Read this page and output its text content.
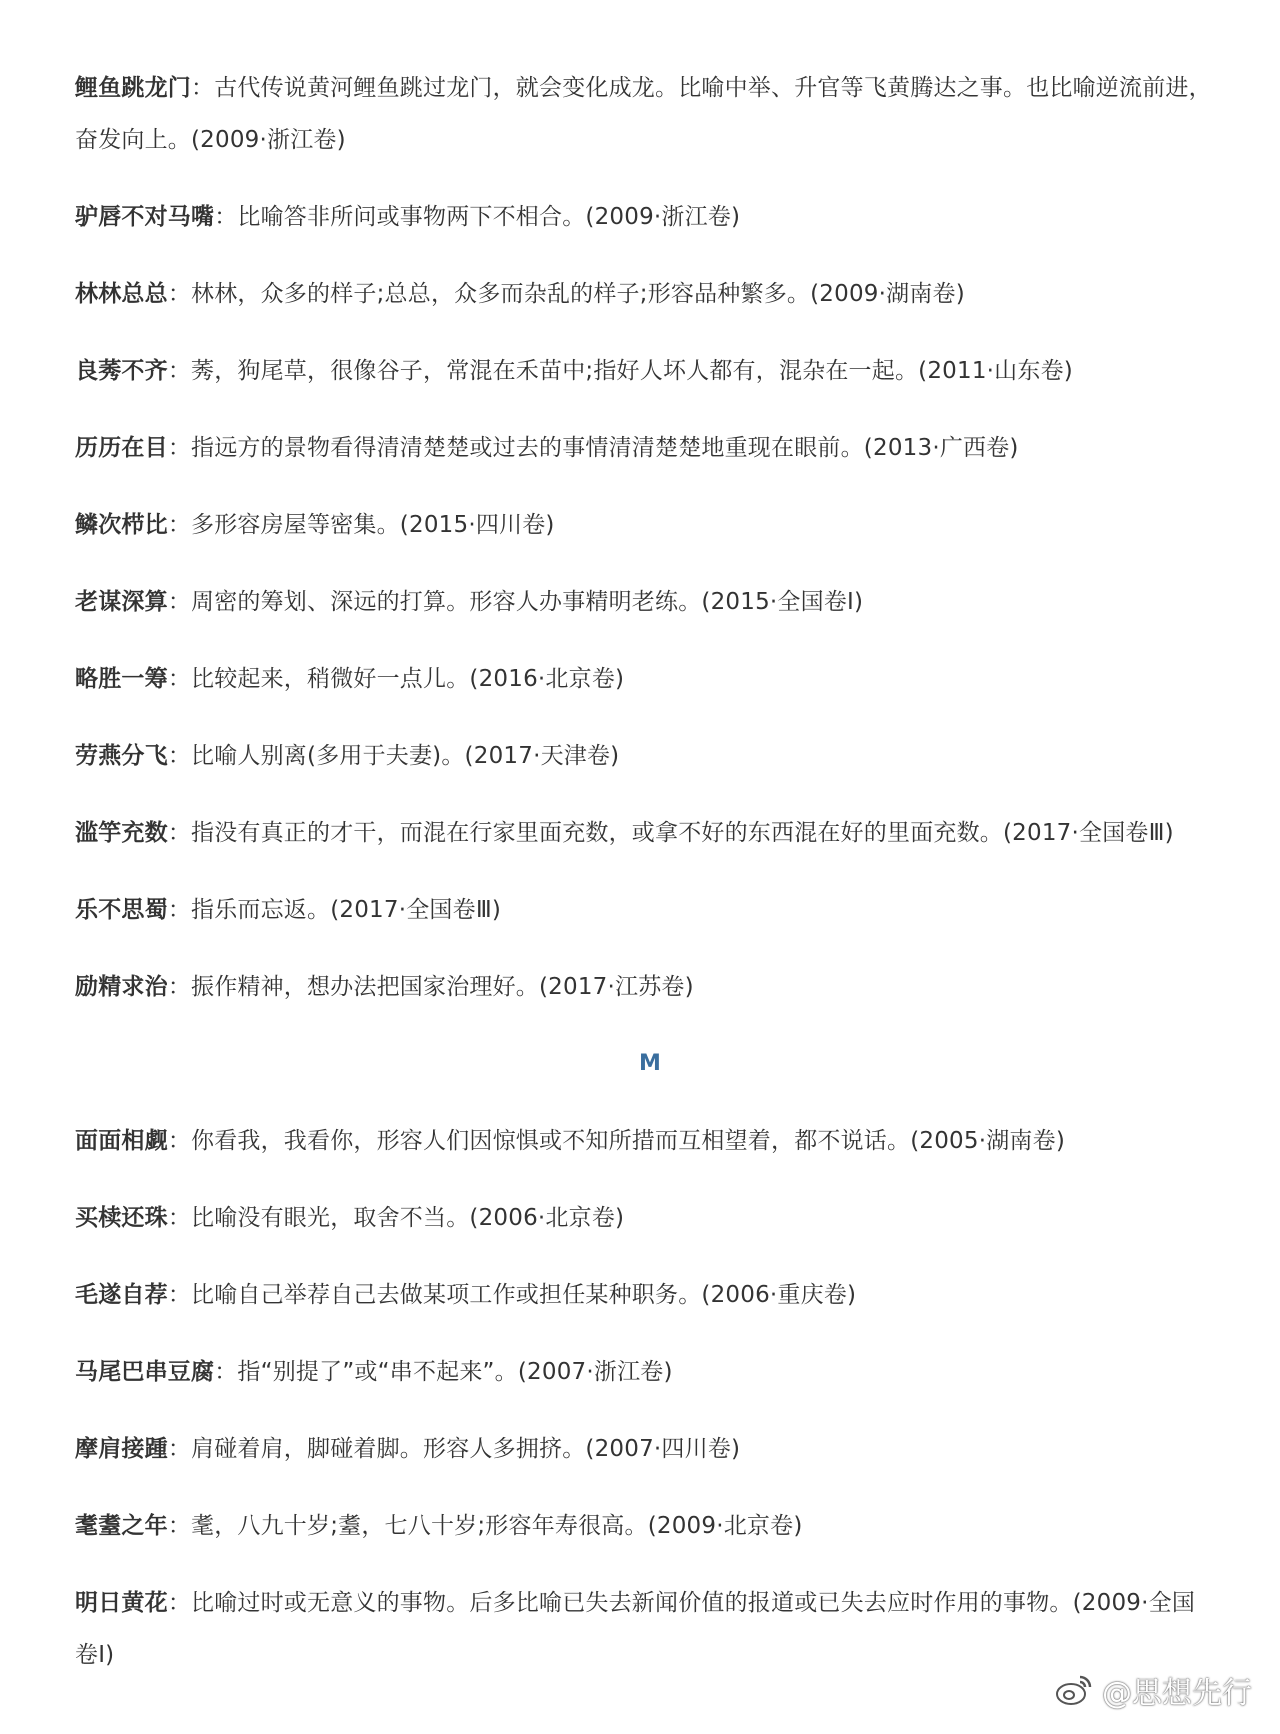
鲤鱼跳龙门：古代传说黄河鲤鱼跳过龙门，就会变化成龙。比喻中举、升官等飞黄腾达之事。也比喻逆流前进，奋发向上。(2009·浙江卷)

驴唇不对马嘴：比喻答非所问或事物两下不相合。(2009·浙江卷)

林林总总：林林，众多的样子;总总，众多而杂乱的样子;形容品种繁多。(2009·湖南卷)

良莠不齐：莠，狗尾草，很像谷子，常混在禾苗中;指好人坏人都有，混杂在一起。(2011·山东卷)

历历在目：指远方的景物看得清清楚楚或过去的事情清清楚楚地重现在眼前。(2013·广西卷)

鳞次栉比：多形容房屋等密集。(2015·四川卷)

老谋深算：周密的筹划、深远的打算。形容人办事精明老练。(2015·全国卷Ⅰ)

略胜一筹：比较起来，稍微好一点儿。(2016·北京卷)

劳燕分飞：比喻人别离(多用于夫妻)。(2017·天津卷)

滥竽充数：指没有真正的才干，而混在行家里面充数，或拿不好的东西混在好的里面充数。(2017·全国卷Ⅲ)

乐不思蜀：指乐而忘返。(2017·全国卷Ⅲ)

励精求治：振作精神，想办法把国家治理好。(2017·江苏卷)

M

面面相觑：你看我，我看你，形容人们因惊惧或不知所措而互相望着，都不说话。(2005·湖南卷)

买椟还珠：比喻没有眼光，取舍不当。(2006·北京卷)

毛遂自荐：比喻自己举荐自己去做某项工作或担任某种职务。(2006·重庆卷)

马尾巴串豆腐：指“别提了”或“串不起来”。(2007·浙江卷)

摩肩接踵：肩碰着肩，脚碰着脚。形容人多拥挤。(2007·四川卷)

耄耋之年：耄，八九十岁;耋，七八十岁;形容年寿很高。(2009·北京卷)

明日黄花：比喻过时或无意义的事物。后多比喻已失去新闻价值的报道或已失去应时作用的事物。(2009·全国卷Ⅰ)

@思想先行
